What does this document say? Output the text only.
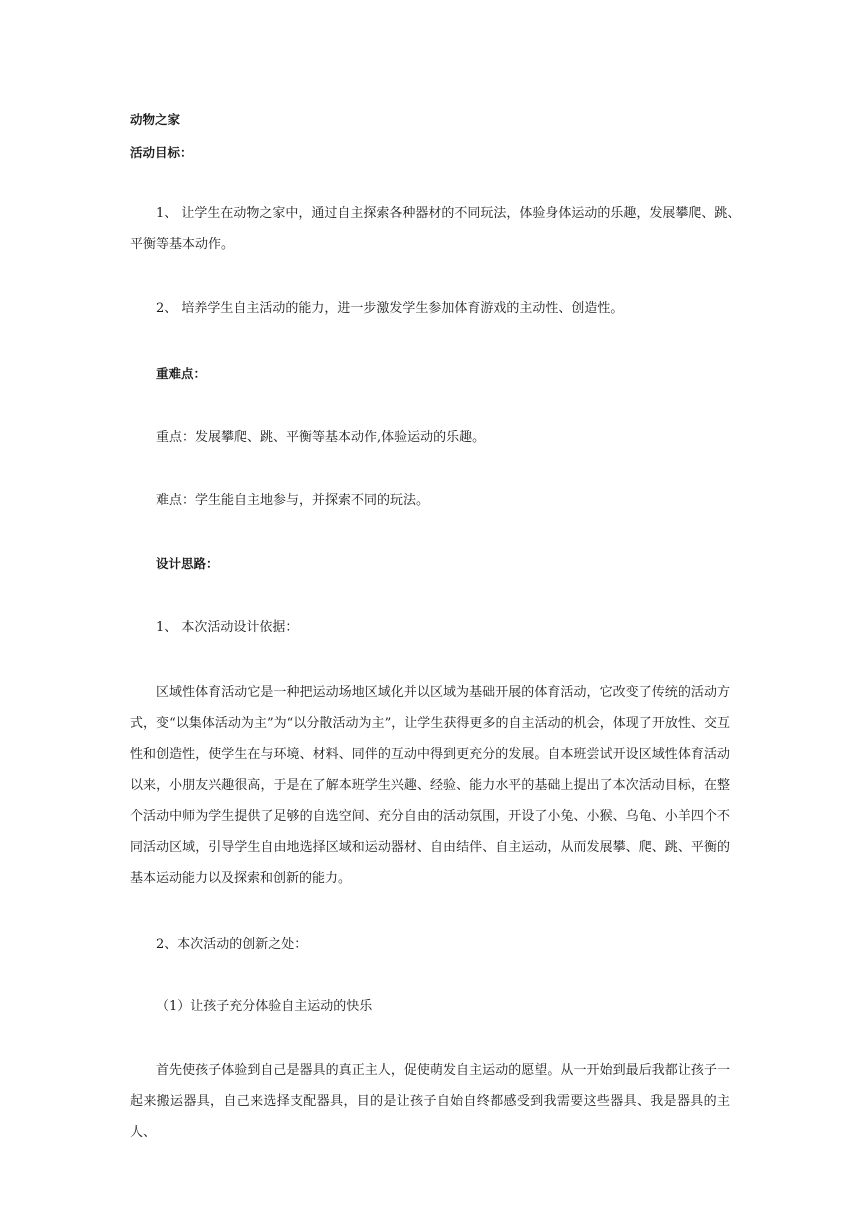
动物之家
活动目标：
1、 让学生在动物之家中，通过自主探索各种器材的不同玩法，体验身体运动的乐趣，发展攀爬、跳、
平衡等基本动作。
2、 培养学生自主活动的能力，进一步激发学生参加体育游戏的主动性、创造性。
重难点：
重点：发展攀爬、跳、平衡等基本动作,体验运动的乐趣。
难点：学生能自主地参与，并探索不同的玩法。
设计思路：
1、 本次活动设计依据：
区域性体育活动它是一种把运动场地区域化并以区域为基础开展的体育活动，它改变了传统的活动方式，变“以集体活动为主”为“以分散活动为主”，让学生获得更多的自主活动的机会，体现了开放性、交互性和创造性，使学生在与环境、材料、同伴的互动中得到更充分的发展。自本班尝试开设区域性体育活动以来，小朋友兴趣很高，于是在了解本班学生兴趣、经验、能力水平的基础上提出了本次活动目标，在整个活动中师为学生提供了足够的自选空间、充分自由的活动氛围，开设了小兔、小猴、乌龟、小羊四个不同活动区域，引导学生自由地选择区域和运动器材、自由结伴、自主运动，从而发展攀、爬、跳、平衡的基本运动能力以及探索和创新的能力。
2、本次活动的创新之处：
（1）让孩子充分体验自主运动的快乐
首先使孩子体验到自己是器具的真正主人，促使萌发自主运动的愿望。从一开始到最后我都让孩子一起来搬运器具，自己来选择支配器具，目的是让孩子自始自终都感受到我需要这些器具、我是器具的主人、
